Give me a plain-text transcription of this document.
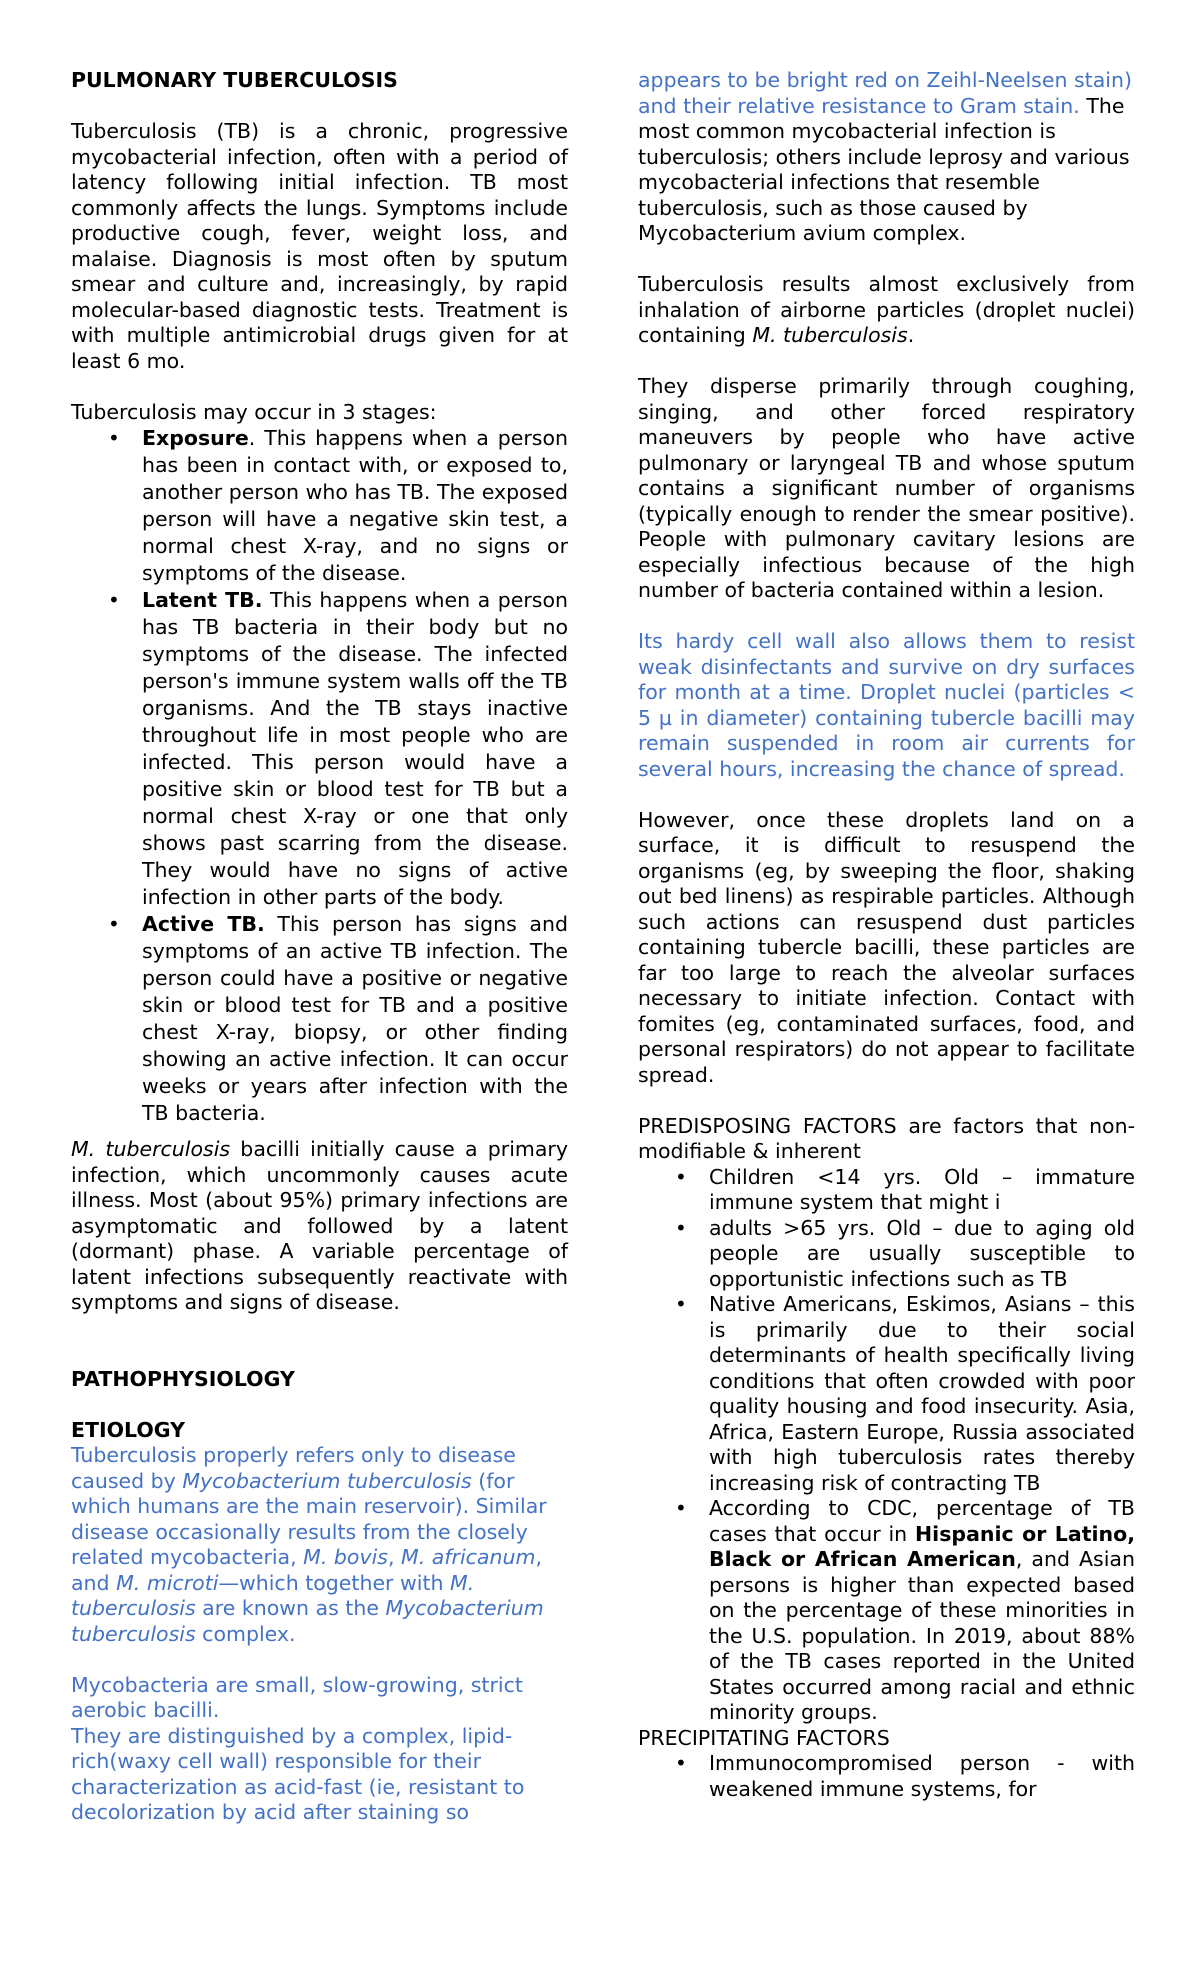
PULMONARY TUBERCULOSIS

Tuberculosis (TB) is a chronic, progressive mycobacterial infection, often with a period of latency following initial infection. TB most commonly affects the lungs. Symptoms include productive cough, fever, weight loss, and malaise. Diagnosis is most often by sputum smear and culture and, increasingly, by rapid molecular-based diagnostic tests. Treatment is with multiple antimicrobial drugs given for at least 6 mo.

Tuberculosis may occur in 3 stages:

• Exposure. This happens when a person has been in contact with, or exposed to, another person who has TB. The exposed person will have a negative skin test, a normal chest X-ray, and no signs or symptoms of the disease.
• Latent TB. This happens when a person has TB bacteria in their body but no symptoms of the disease. The infected person's immune system walls off the TB organisms. And the TB stays inactive throughout life in most people who are infected. This person would have a positive skin or blood test for TB but a normal chest X-ray or one that only shows past scarring from the disease. They would have no signs of active infection in other parts of the body.
• Active TB. This person has signs and symptoms of an active TB infection. The person could have a positive or negative skin or blood test for TB and a positive chest X-ray, biopsy, or other finding showing an active infection. It can occur weeks or years after infection with the TB bacteria.

M. tuberculosis bacilli initially cause a primary infection, which uncommonly causes acute illness. Most (about 95%) primary infections are asymptomatic and followed by a latent (dormant) phase. A variable percentage of latent infections subsequently reactivate with symptoms and signs of disease.

PATHOPHYSIOLOGY

ETIOLOGY

Tuberculosis properly refers only to disease caused by Mycobacterium tuberculosis (for which humans are the main reservoir). Similar disease occasionally results from the closely related mycobacteria, M. bovis, M. africanum, and M. microti—which together with M. tuberculosis are known as the Mycobacterium tuberculosis complex.

Mycobacteria are small, slow-growing, strict aerobic bacilli.

They are distinguished by a complex, lipid-rich(waxy cell wall) responsible for their characterization as acid-fast (ie, resistant to decolorization by acid after staining so

appears to be bright red on Zeihl-Neelsen stain) and their relative resistance to Gram stain. The most common mycobacterial infection is tuberculosis; others include leprosy and various mycobacterial infections that resemble tuberculosis, such as those caused by Mycobacterium avium complex.

Tuberculosis results almost exclusively from inhalation of airborne particles (droplet nuclei) containing M. tuberculosis.

They disperse primarily through coughing, singing, and other forced respiratory maneuvers by people who have active pulmonary or laryngeal TB and whose sputum contains a significant number of organisms (typically enough to render the smear positive). People with pulmonary cavitary lesions are especially infectious because of the high number of bacteria contained within a lesion.

Its hardy cell wall also allows them to resist weak disinfectants and survive on dry surfaces for month at a time. Droplet nuclei (particles < 5 µ in diameter) containing tubercle bacilli may remain suspended in room air currents for several hours, increasing the chance of spread.

However, once these droplets land on a surface, it is difficult to resuspend the organisms (eg, by sweeping the floor, shaking out bed linens) as respirable particles. Although such actions can resuspend dust particles containing tubercle bacilli, these particles are far too large to reach the alveolar surfaces necessary to initiate infection. Contact with fomites (eg, contaminated surfaces, food, and personal respirators) do not appear to facilitate spread.

PREDISPOSING FACTORS are factors that non-modifiable & inherent

• Children <14 yrs. Old – immature immune system that might i
• adults >65 yrs. Old – due to aging old people are usually susceptible to opportunistic infections such as TB
• Native Americans, Eskimos, Asians – this is primarily due to their social determinants of health specifically living conditions that often crowded with poor quality housing and food insecurity. Asia, Africa, Eastern Europe, Russia associated with high tuberculosis rates thereby increasing risk of contracting TB
• According to CDC, percentage of TB cases that occur in Hispanic or Latino, Black or African American, and Asian persons is higher than expected based on the percentage of these minorities in the U.S. population. In 2019, about 88% of the TB cases reported in the United States occurred among racial and ethnic minority groups.

PRECIPITATING FACTORS

• Immunocompromised person - with weakened immune systems, for
